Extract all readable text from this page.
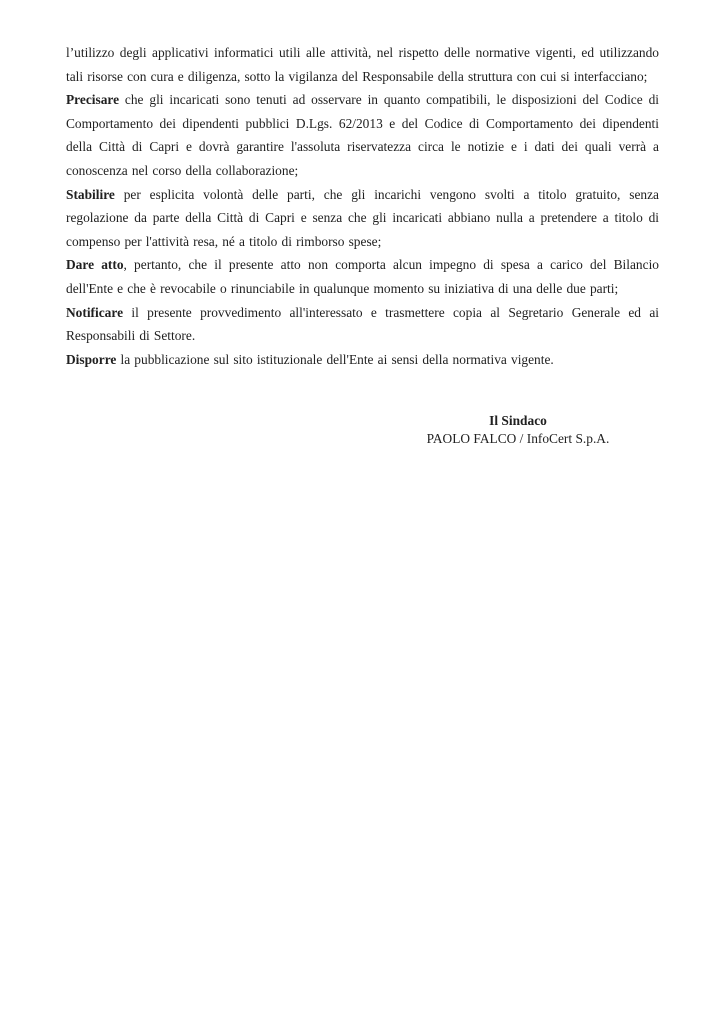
l’utilizzo degli applicativi informatici utili alle attività, nel rispetto delle normative vigenti, ed utilizzando tali risorse con cura e diligenza, sotto la vigilanza del Responsabile della struttura con cui si interfacciano;

Precisare che gli incaricati sono tenuti ad osservare in quanto compatibili, le disposizioni del Codice di Comportamento dei dipendenti pubblici D.Lgs. 62/2013 e del Codice di Comportamento dei dipendenti della Città di Capri e dovrà garantire l'assoluta riservatezza circa le notizie e i dati dei quali verrà a conoscenza nel corso della collaborazione;

Stabilire per esplicita volontà delle parti, che gli incarichi vengono svolti a titolo gratuito, senza regolazione da parte della Città di Capri e senza che gli incaricati abbiano nulla a pretendere a titolo di compenso per l'attività resa, né a titolo di rimborso spese;

Dare atto, pertanto, che il presente atto non comporta alcun impegno di spesa a carico del Bilancio dell'Ente e che è revocabile o rinunciabile in qualunque momento su iniziativa di una delle due parti;

Notificare il presente provvedimento all'interessato e trasmettere copia al Segretario Generale ed ai Responsabili di Settore.

Disporre la pubblicazione sul sito istituzionale dell'Ente ai sensi della normativa vigente.

Il Sindaco
PAOLO FALCO / InfoCert S.p.A.
